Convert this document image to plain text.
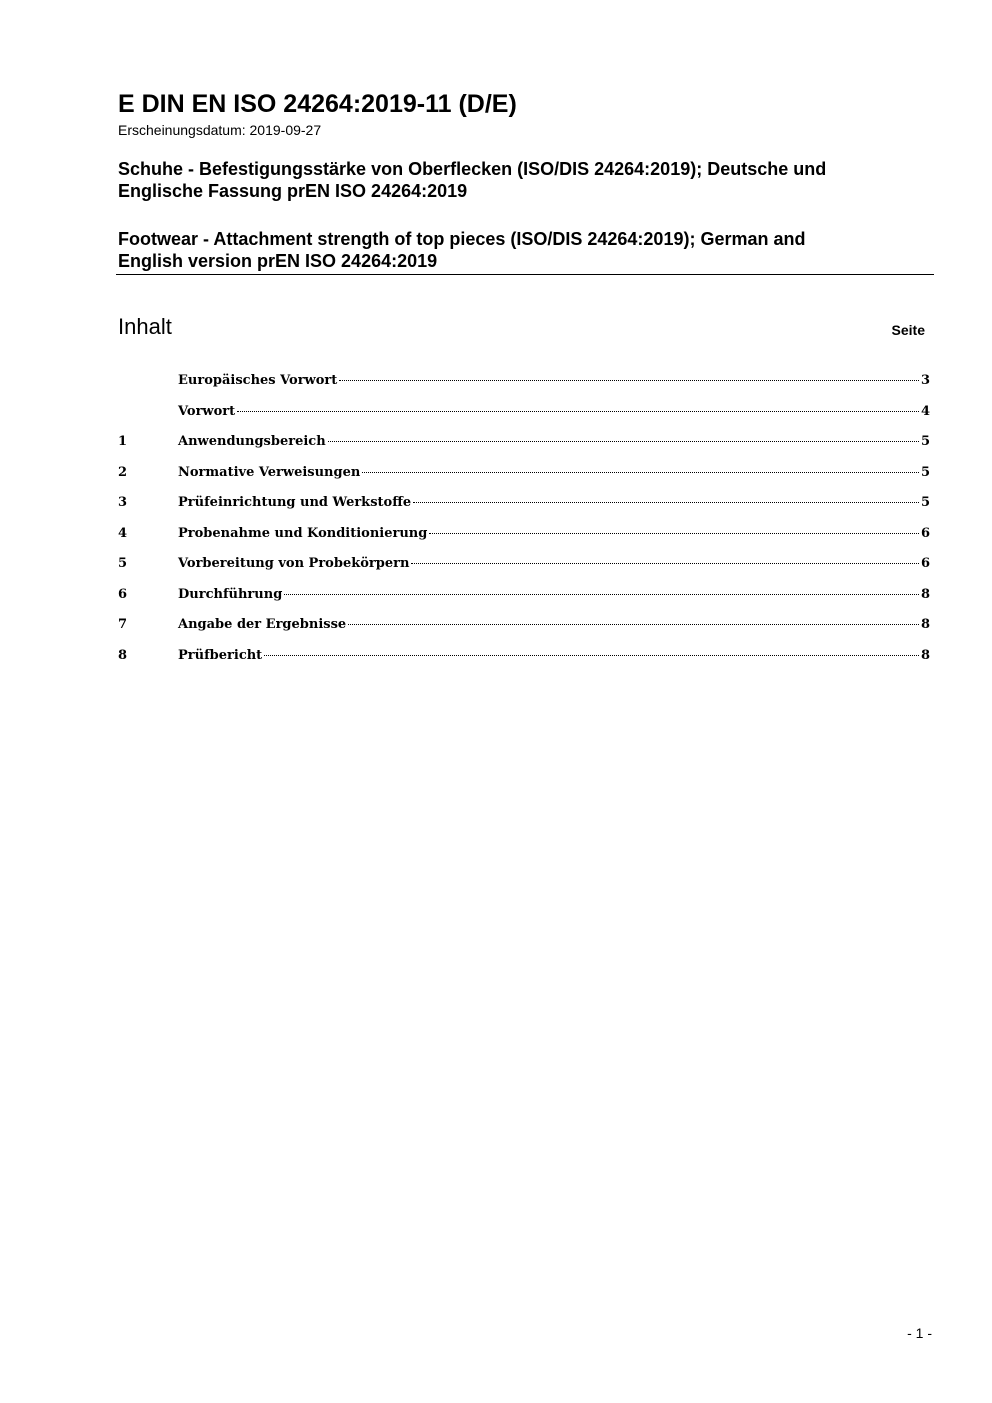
E DIN EN ISO 24264:2019-11 (D/E)
Erscheinungsdatum: 2019-09-27
Schuhe - Befestigungsstärke von Oberflecken (ISO/DIS 24264:2019); Deutsche und
Englische Fassung prEN ISO 24264:2019
Footwear - Attachment strength of top pieces (ISO/DIS 24264:2019); German and
English version prEN ISO 24264:2019
Inhalt	Seite
Europäisches Vorwort	3
Vorwort	4
1	Anwendungsbereich	5
2	Normative Verweisungen	5
3	Prüfeinrichtung und Werkstoffe	5
4	Probenahme und Konditionierung	6
5	Vorbereitung von Probekörpern	6
6	Durchführung	8
7	Angabe der Ergebnisse	8
8	Prüfbericht	8
- 1 -
